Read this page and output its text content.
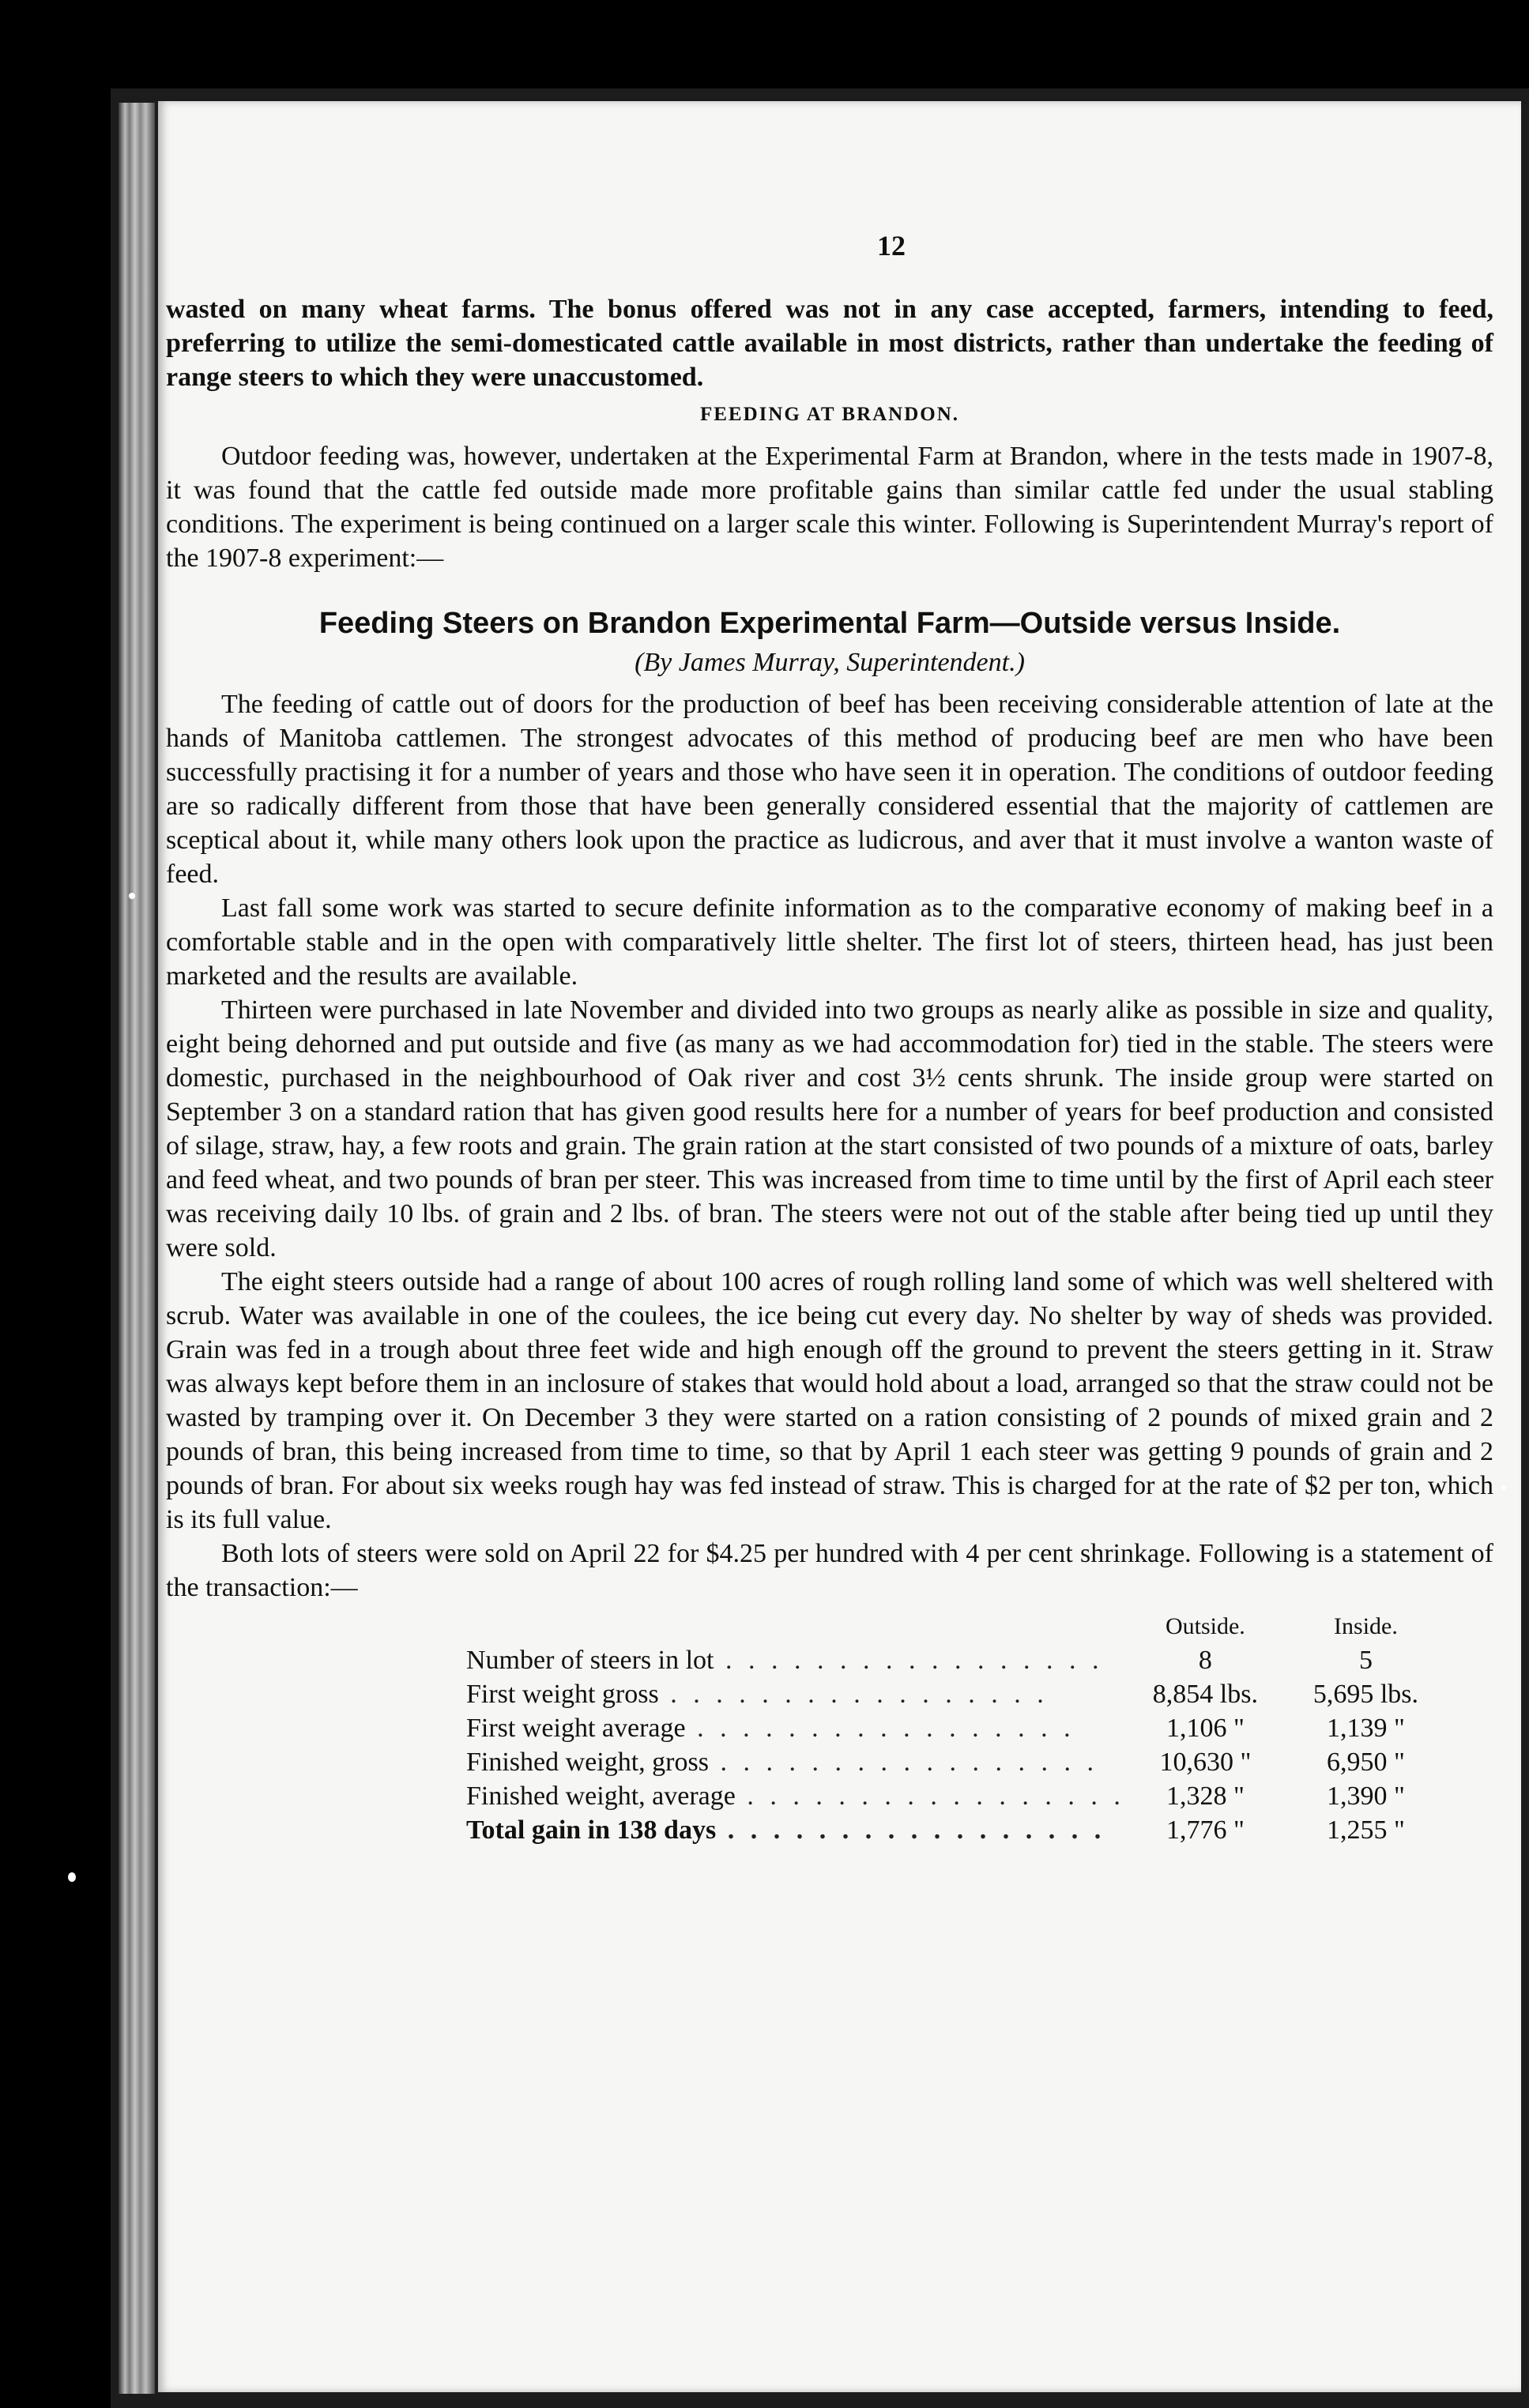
12

wasted on many wheat farms. The bonus offered was not in any case accepted, farmers, intending to feed, preferring to utilize the semi-domesticated cattle available in most districts, rather than undertake the feeding of range steers to which they were unaccustomed.

FEEDING AT BRANDON.

Outdoor feeding was, however, undertaken at the Experimental Farm at Brandon, where in the tests made in 1907-8, it was found that the cattle fed outside made more profitable gains than similar cattle fed under the usual stabling conditions. The experiment is being continued on a larger scale this winter. Following is Superintendent Murray's report of the 1907-8 experiment:—

Feeding Steers on Brandon Experimental Farm—Outside versus Inside.
(By James Murray, Superintendent.)

The feeding of cattle out of doors for the production of beef has been receiving considerable attention of late at the hands of Manitoba cattlemen. The strongest advocates of this method of producing beef are men who have been successfully practising it for a number of years and those who have seen it in operation. The conditions of outdoor feeding are so radically different from those that have been generally considered essential that the majority of cattlemen are sceptical about it, while many others look upon the practice as ludicrous, and aver that it must involve a wanton waste of feed.

Last fall some work was started to secure definite information as to the comparative economy of making beef in a comfortable stable and in the open with comparatively little shelter. The first lot of steers, thirteen head, has just been marketed and the results are available.

Thirteen were purchased in late November and divided into two groups as nearly alike as possible in size and quality, eight being dehorned and put outside and five (as many as we had accommodation for) tied in the stable. The steers were domestic, purchased in the neighbourhood of Oak river and cost 3½ cents shrunk. The inside group were started on September 3 on a standard ration that has given good results here for a number of years for beef production and consisted of silage, straw, hay, a few roots and grain. The grain ration at the start consisted of two pounds of a mixture of oats, barley and feed wheat, and two pounds of bran per steer. This was increased from time to time until by the first of April each steer was receiving daily 10 lbs. of grain and 2 lbs. of bran. The steers were not out of the stable after being tied up until they were sold.

The eight steers outside had a range of about 100 acres of rough rolling land some of which was well sheltered with scrub. Water was available in one of the coulees, the ice being cut every day. No shelter by way of sheds was provided. Grain was fed in a trough about three feet wide and high enough off the ground to prevent the steers getting in it. Straw was always kept before them in an inclosure of stakes that would hold about a load, arranged so that the straw could not be wasted by tramping over it. On December 3 they were started on a ration consisting of 2 pounds of mixed grain and 2 pounds of bran, this being increased from time to time, so that by April 1 each steer was getting 9 pounds of grain and 2 pounds of bran. For about six weeks rough hay was fed instead of straw. This is charged for at the rate of $2 per ton, which is its full value.

Both lots of steers were sold on April 22 for $4.25 per hundred with 4 per cent shrinkage. Following is a statement of the transaction:—

	Outside.	Inside.
Number of steers in lot . . . . . . . . . . . . . . . . .	8	5
First weight gross . . . . . . . . . . . . . . . . .	8,854 lbs.	5,695 lbs.
First weight average . . . . . . . . . . . . . . . . .	1,106 "	1,139 "
Finished weight, gross . . . . . . . . . . . . . . . . .	10,630 "	6,950 "
Finished weight, average . . . . . . . . . . . . . . . . .	1,328 "	1,390 "
Total gain in 138 days . . . . . . . . . . . . . . . . .	1,776 "	1,255 "
